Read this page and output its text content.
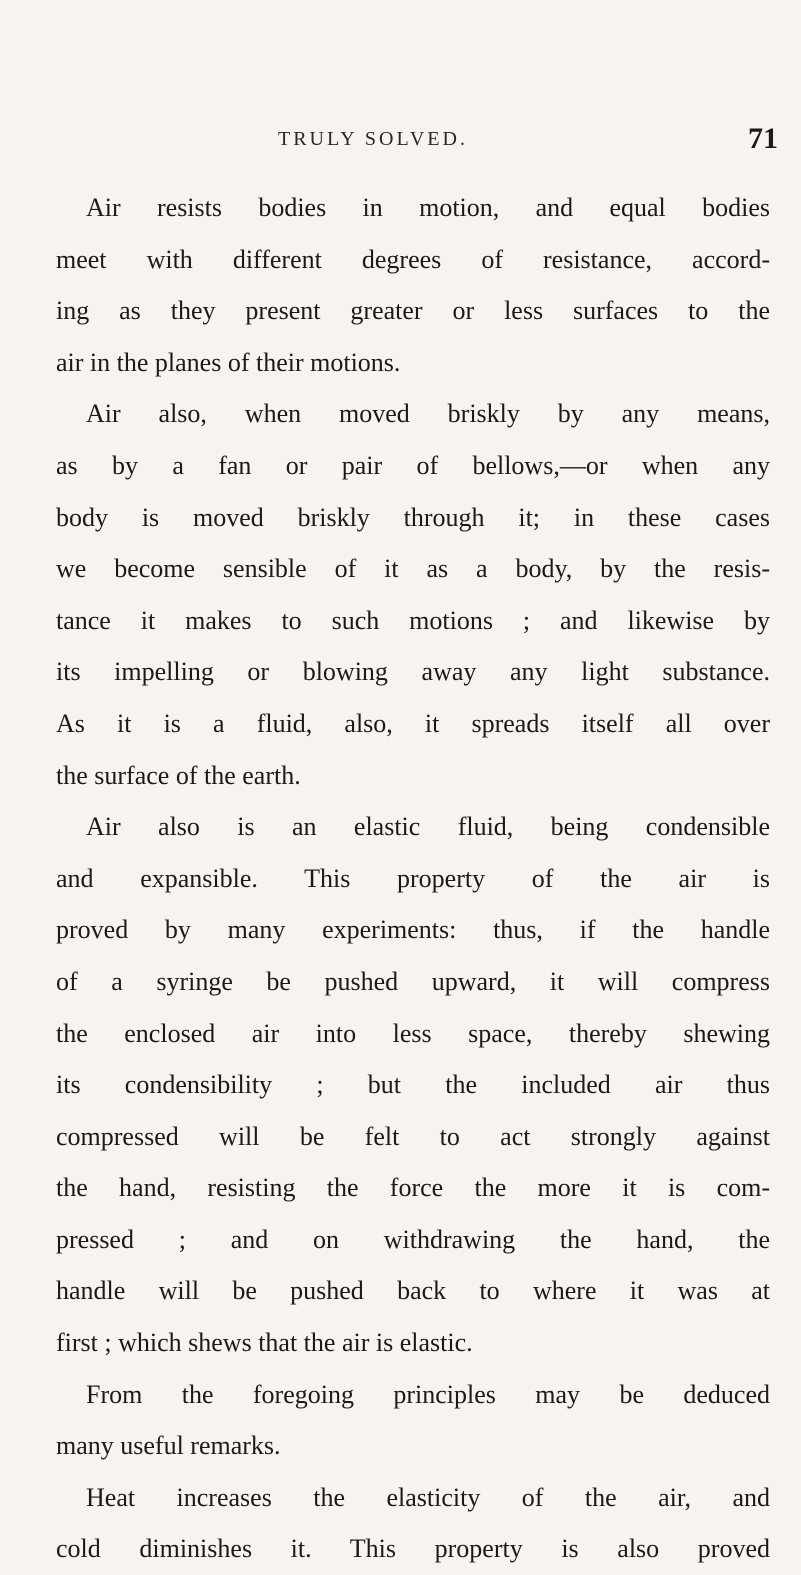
TRULY SOLVED.	71
Air resists bodies in motion, and equal bodies
meet with different degrees of resistance, accord-
ing as they present greater or less surfaces to the
air in the planes of their motions.
Air also, when moved briskly by any means,
as by a fan or pair of bellows,—or when any
body is moved briskly through it; in these cases
we become sensible of it as a body, by the resis-
tance it makes to such motions ; and likewise by
its impelling or blowing away any light substance.
As it is a fluid, also, it spreads itself all over
the surface of the earth.
Air also is an elastic fluid, being condensible
and expansible. This property of the air is
proved by many experiments: thus, if the handle
of a syringe be pushed upward, it will compress
the enclosed air into less space, thereby shewing
its condensibility ; but the included air thus
compressed will be felt to act strongly against
the hand, resisting the force the more it is com-
pressed ; and on withdrawing the hand, the
handle will be pushed back to where it was at
first ; which shews that the air is elastic.
From the foregoing principles may be deduced
many useful remarks.
Heat increases the elasticity of the air, and
cold diminishes it. This property is also proved
